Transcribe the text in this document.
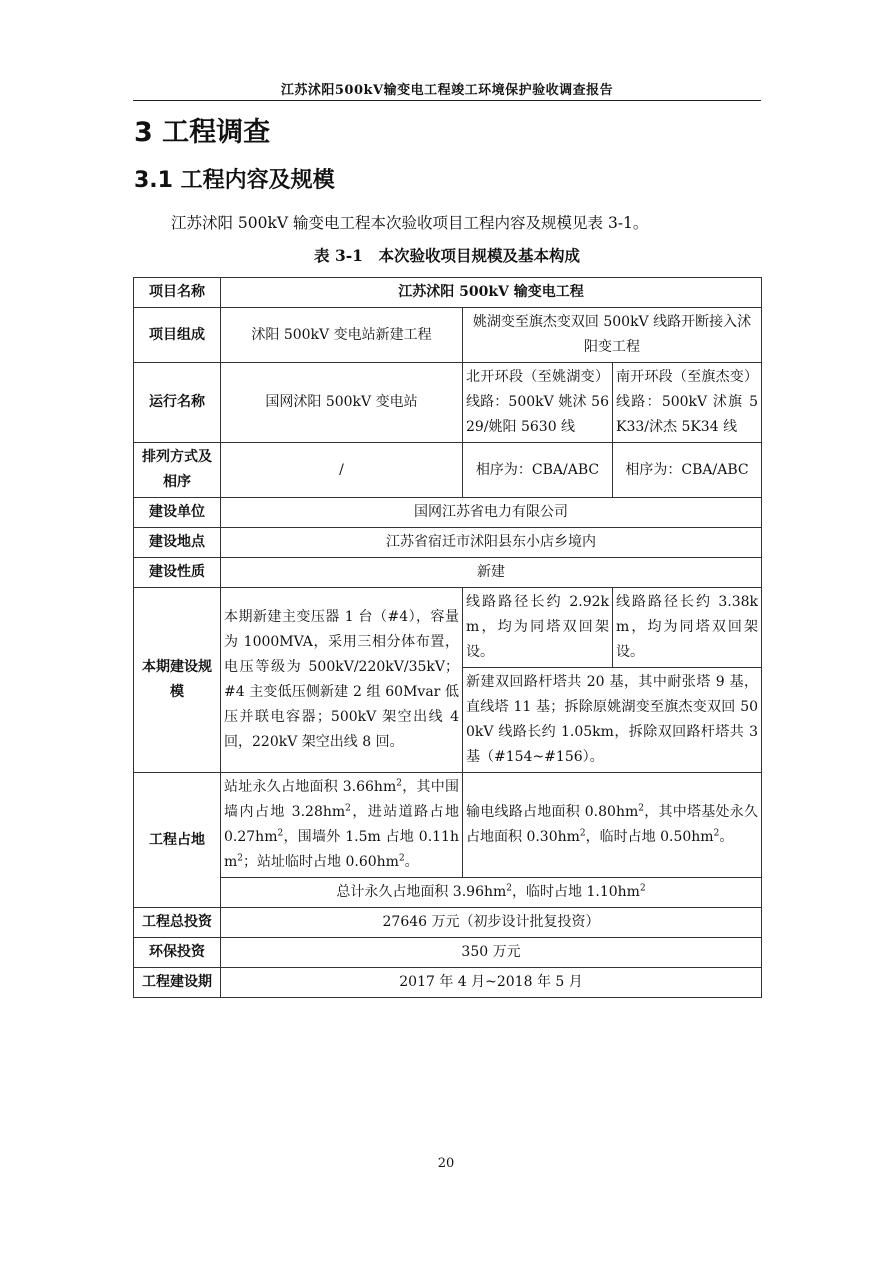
江苏沭阳500kV输变电工程竣工环境保护验收调查报告
3 工程调查
3.1 工程内容及规模
江苏沭阳 500kV 输变电工程本次验收项目工程内容及规模见表 3-1。
表 3-1　本次验收项目规模及基本构成
项目名称	江苏沭阳 500kV 输变电工程		
项目组成	沭阳 500kV 变电站新建工程	姚湖变至旗杰变双回 500kV 线路开断接入沭阳变工程	
运行名称	国网沭阳 500kV 变电站	北开环段（至姚湖变）线路：500kV 姚沭 5629/姚阳 5630 线	南开环段（至旗杰变）线路：500kV 沭旗 5K33/沭杰 5K34 线
排列方式及相序	/	相序为：CBA/ABC	相序为：CBA/ABC
建设单位	国网江苏省电力有限公司		
建设地点	江苏省宿迁市沭阳县东小店乡境内		
建设性质	新建		
本期建设规模	本期新建主变压器 1 台（#4），容量为 1000MVA，采用三相分体布置，电压等级为 500kV/220kV/35kV；#4 主变低压侧新建 2 组 60Mvar 低压并联电容器；500kV 架空出线 4 回，220kV 架空出线 8 回。	线路路径长约 2.92km，均为同塔双回架设。	线路路径长约 3.38km，均为同塔双回架设。
		新建双回路杆塔共 20 基，其中耐张塔 9 基，直线塔 11 基；拆除原姚湖变至旗杰变双回 500kV 线路长约 1.05km，拆除双回路杆塔共 3 基（#154~#156）。	
工程占地	站址永久占地面积 $3.66hm^2$，其中围墙内占地 $3.28hm^2$，进站道路占地 $0.27hm^2$，围墙外 1.5m 占地 $0.11hm^2$；站址临时占地 $0.60hm^2$。	输电线路占地面积 $0.80hm^2$，其中塔基处永久占地面积 $0.30hm^2$，临时占地 $0.50hm^2$。	
	总计永久占地面积 $3.96hm^2$，临时占地 $1.10hm^2$
工程总投资	27646 万元（初步设计批复投资）		
环保投资	350 万元		
工程建设期	2017 年 4 月~2018 年 5 月		
20
